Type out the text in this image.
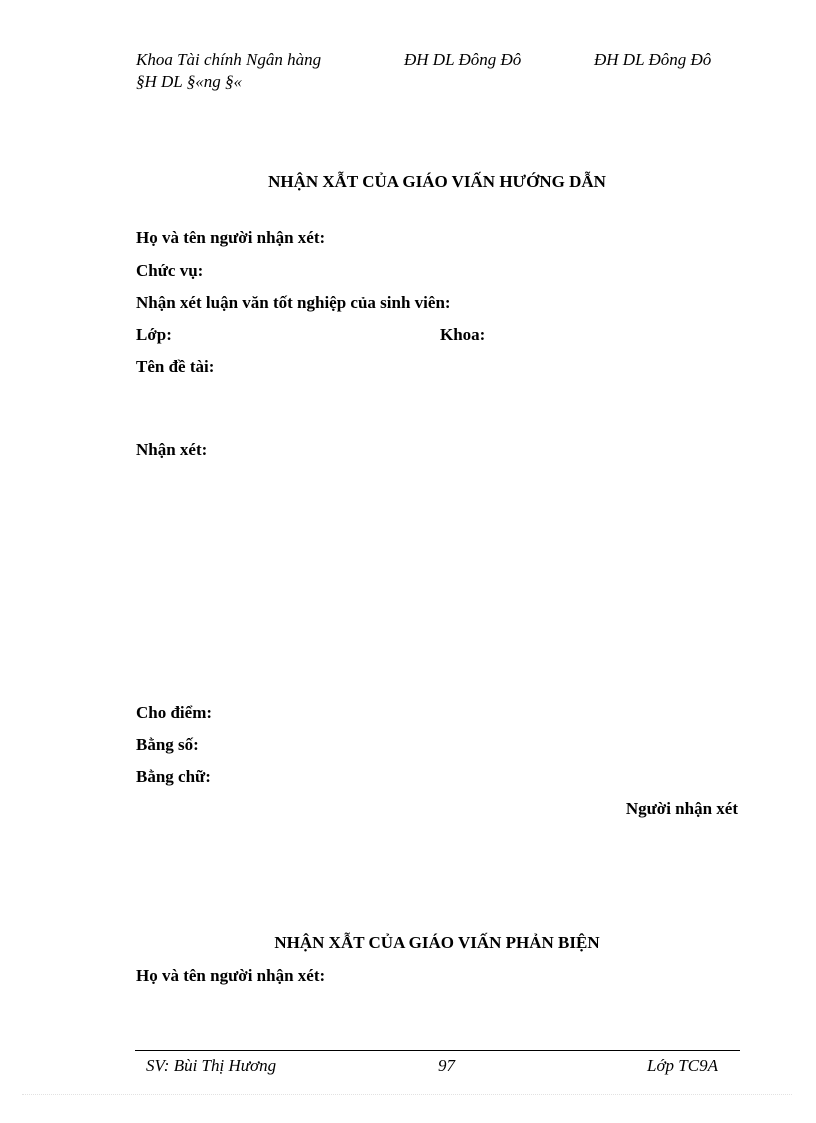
Khoa Tài chính Ngân hàng	ĐH DL Đông Đô	ĐH DL Đông Đô
§H DL §«ng §«
NHẬN XẪT CỦA GIÁO VIẤN HƯỚNG DẪN
Họ và tên người nhận xét:
Chức vụ:
Nhận xét luận văn tốt nghiệp của sinh viên:
Lớp:	Khoa:
Tên đề tài:
Nhận xét:
Cho điểm:
Bằng số:
Bằng chữ:
Người nhận xét
NHẬN XẪT CỦA GIÁO VIẤN PHẢN BIỆN
Họ và tên người nhận xét:
SV: Bùi Thị Hương	97	Lớp TC9A
